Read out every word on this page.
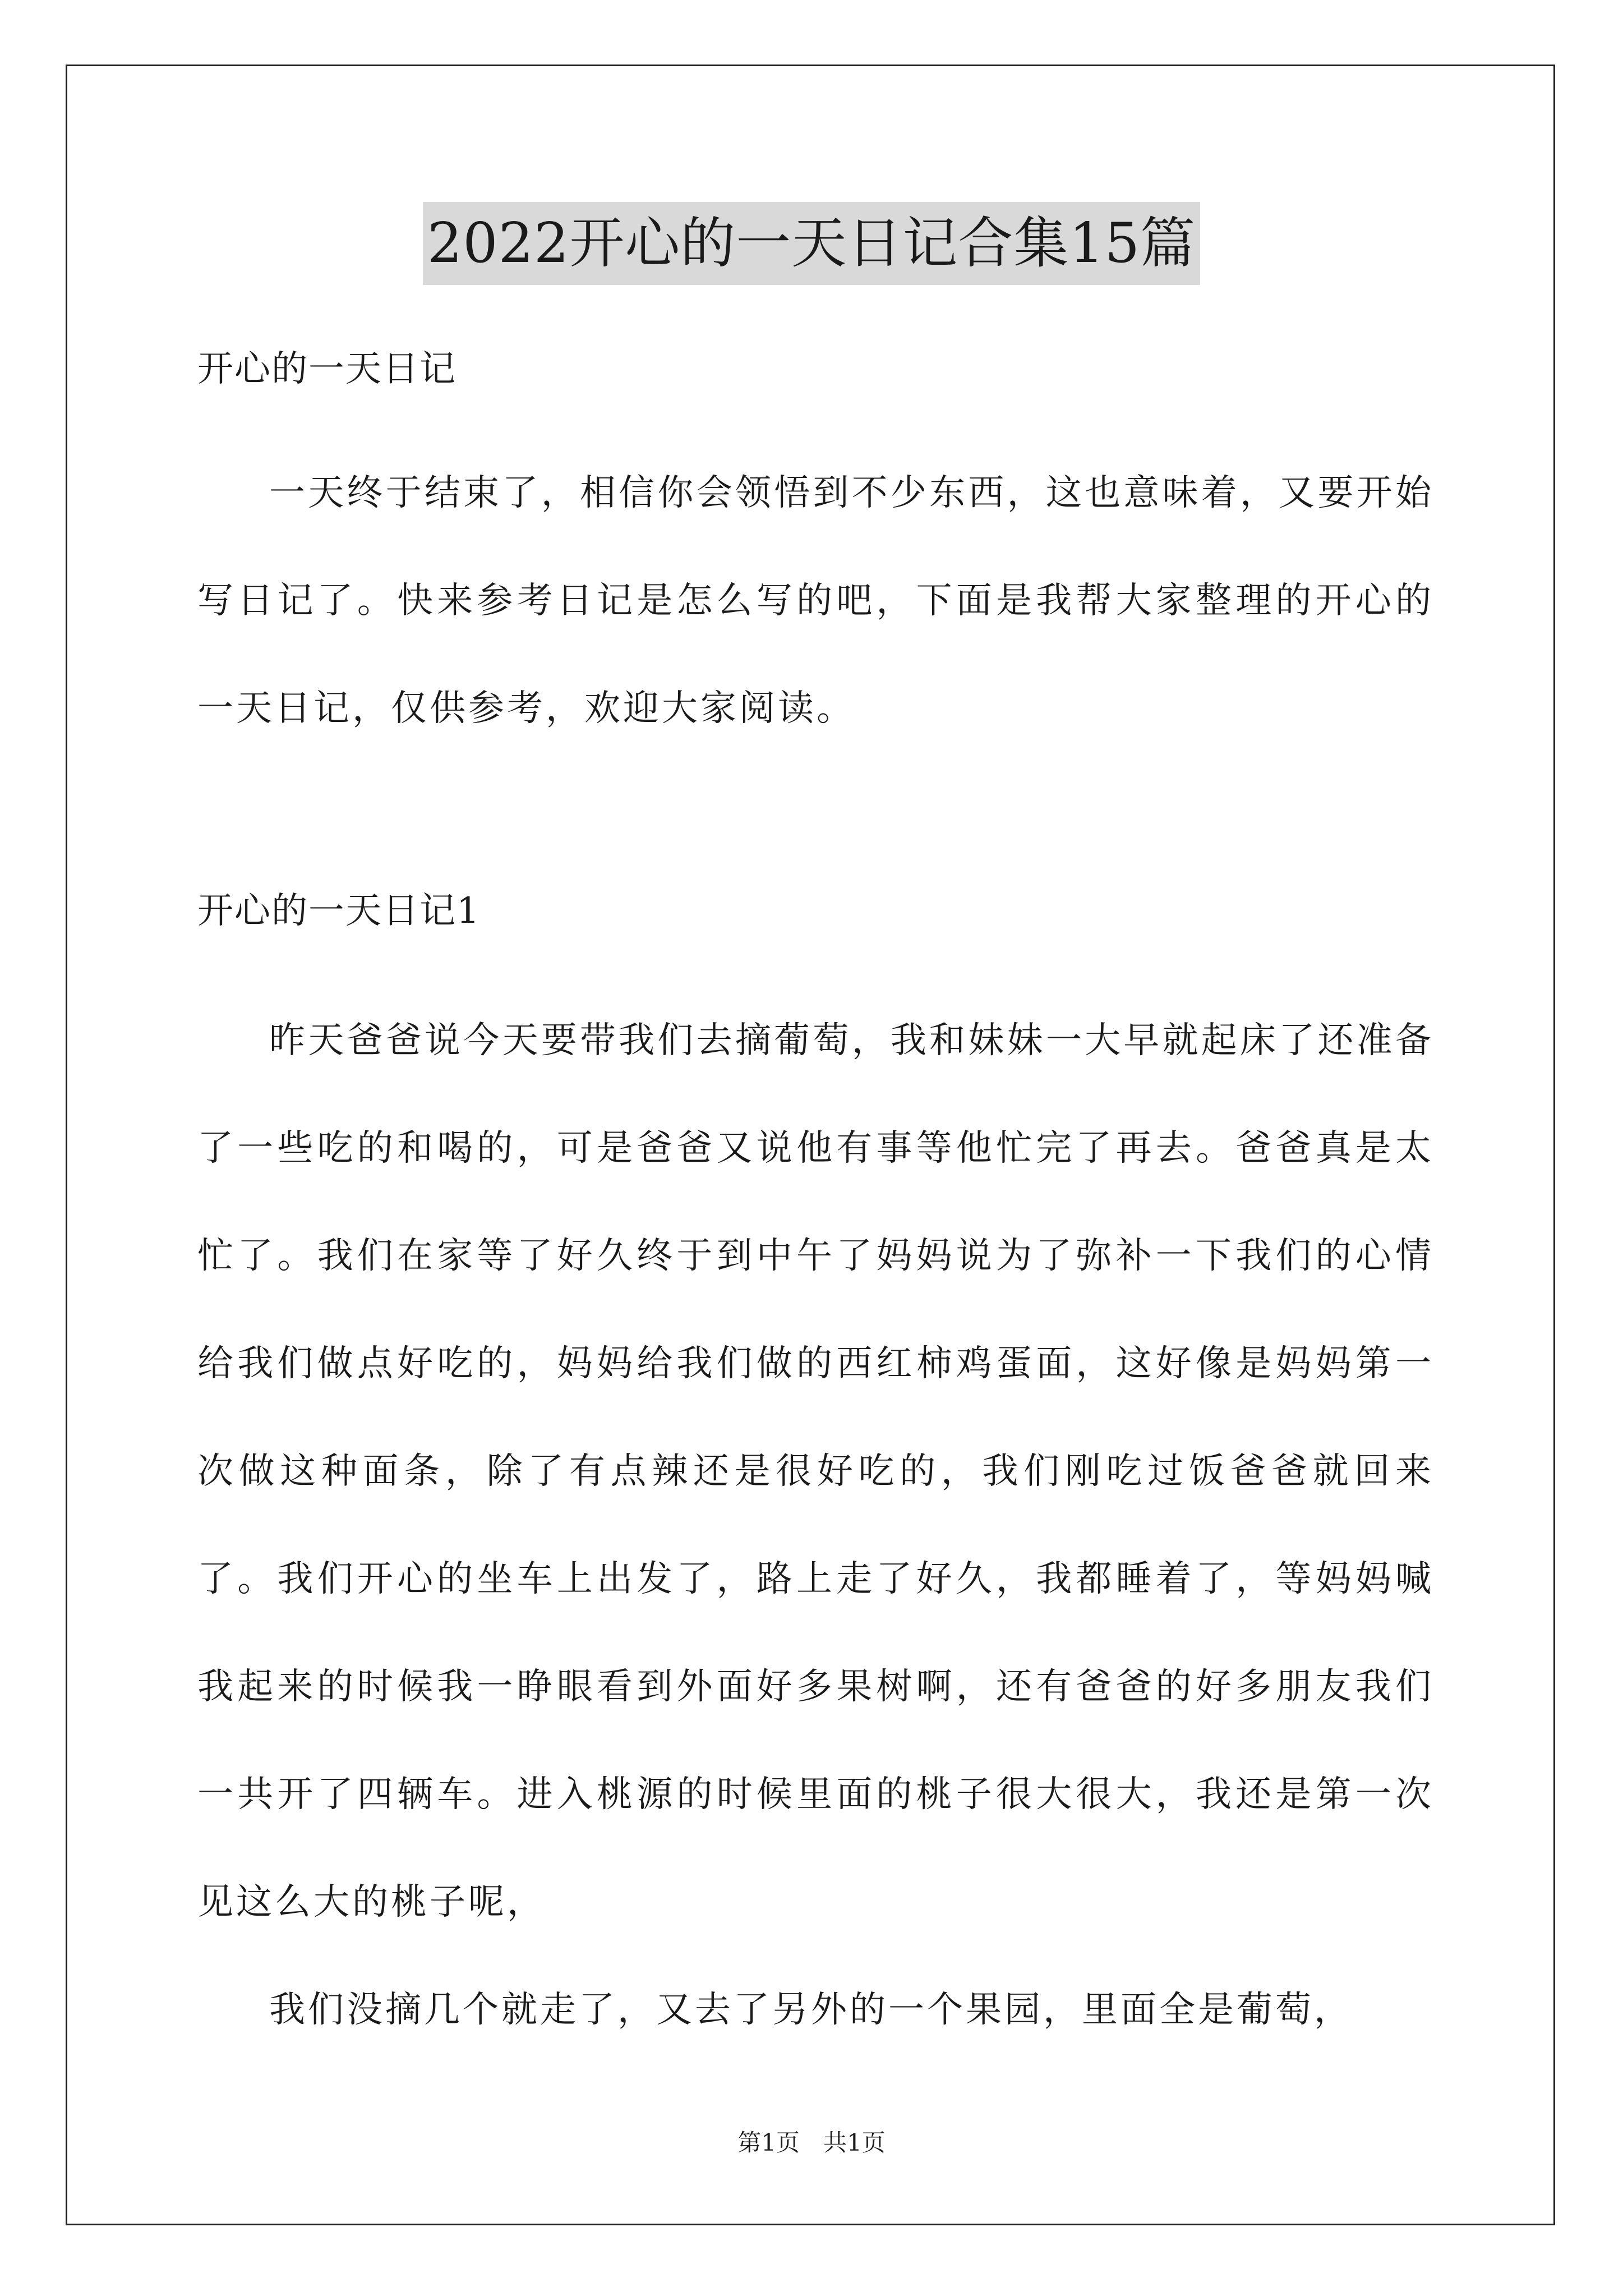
2022开心的一天日记合集15篇

开心的一天日记

一天终于结束了，相信你会领悟到不少东西，这也意味着，又要开始写日记了。快来参考日记是怎么写的吧，下面是我帮大家整理的开心的一天日记，仅供参考，欢迎大家阅读。

开心的一天日记1

昨天爸爸说今天要带我们去摘葡萄，我和妹妹一大早就起床了还准备了一些吃的和喝的，可是爸爸又说他有事等他忙完了再去。爸爸真是太忙了。我们在家等了好久终于到中午了妈妈说为了弥补一下我们的心情给我们做点好吃的，妈妈给我们做的西红柿鸡蛋面，这好像是妈妈第一次做这种面条，除了有点辣还是很好吃的，我们刚吃过饭爸爸就回来了。我们开心的坐车上出发了，路上走了好久，我都睡着了，等妈妈喊我起来的时候我一睁眼看到外面好多果树啊，还有爸爸的好多朋友我们一共开了四辆车。进入桃源的时候里面的桃子很大很大，我还是第一次见这么大的桃子呢，

我们没摘几个就走了，又去了另外的一个果园，里面全是葡萄，

第1页　共1页
